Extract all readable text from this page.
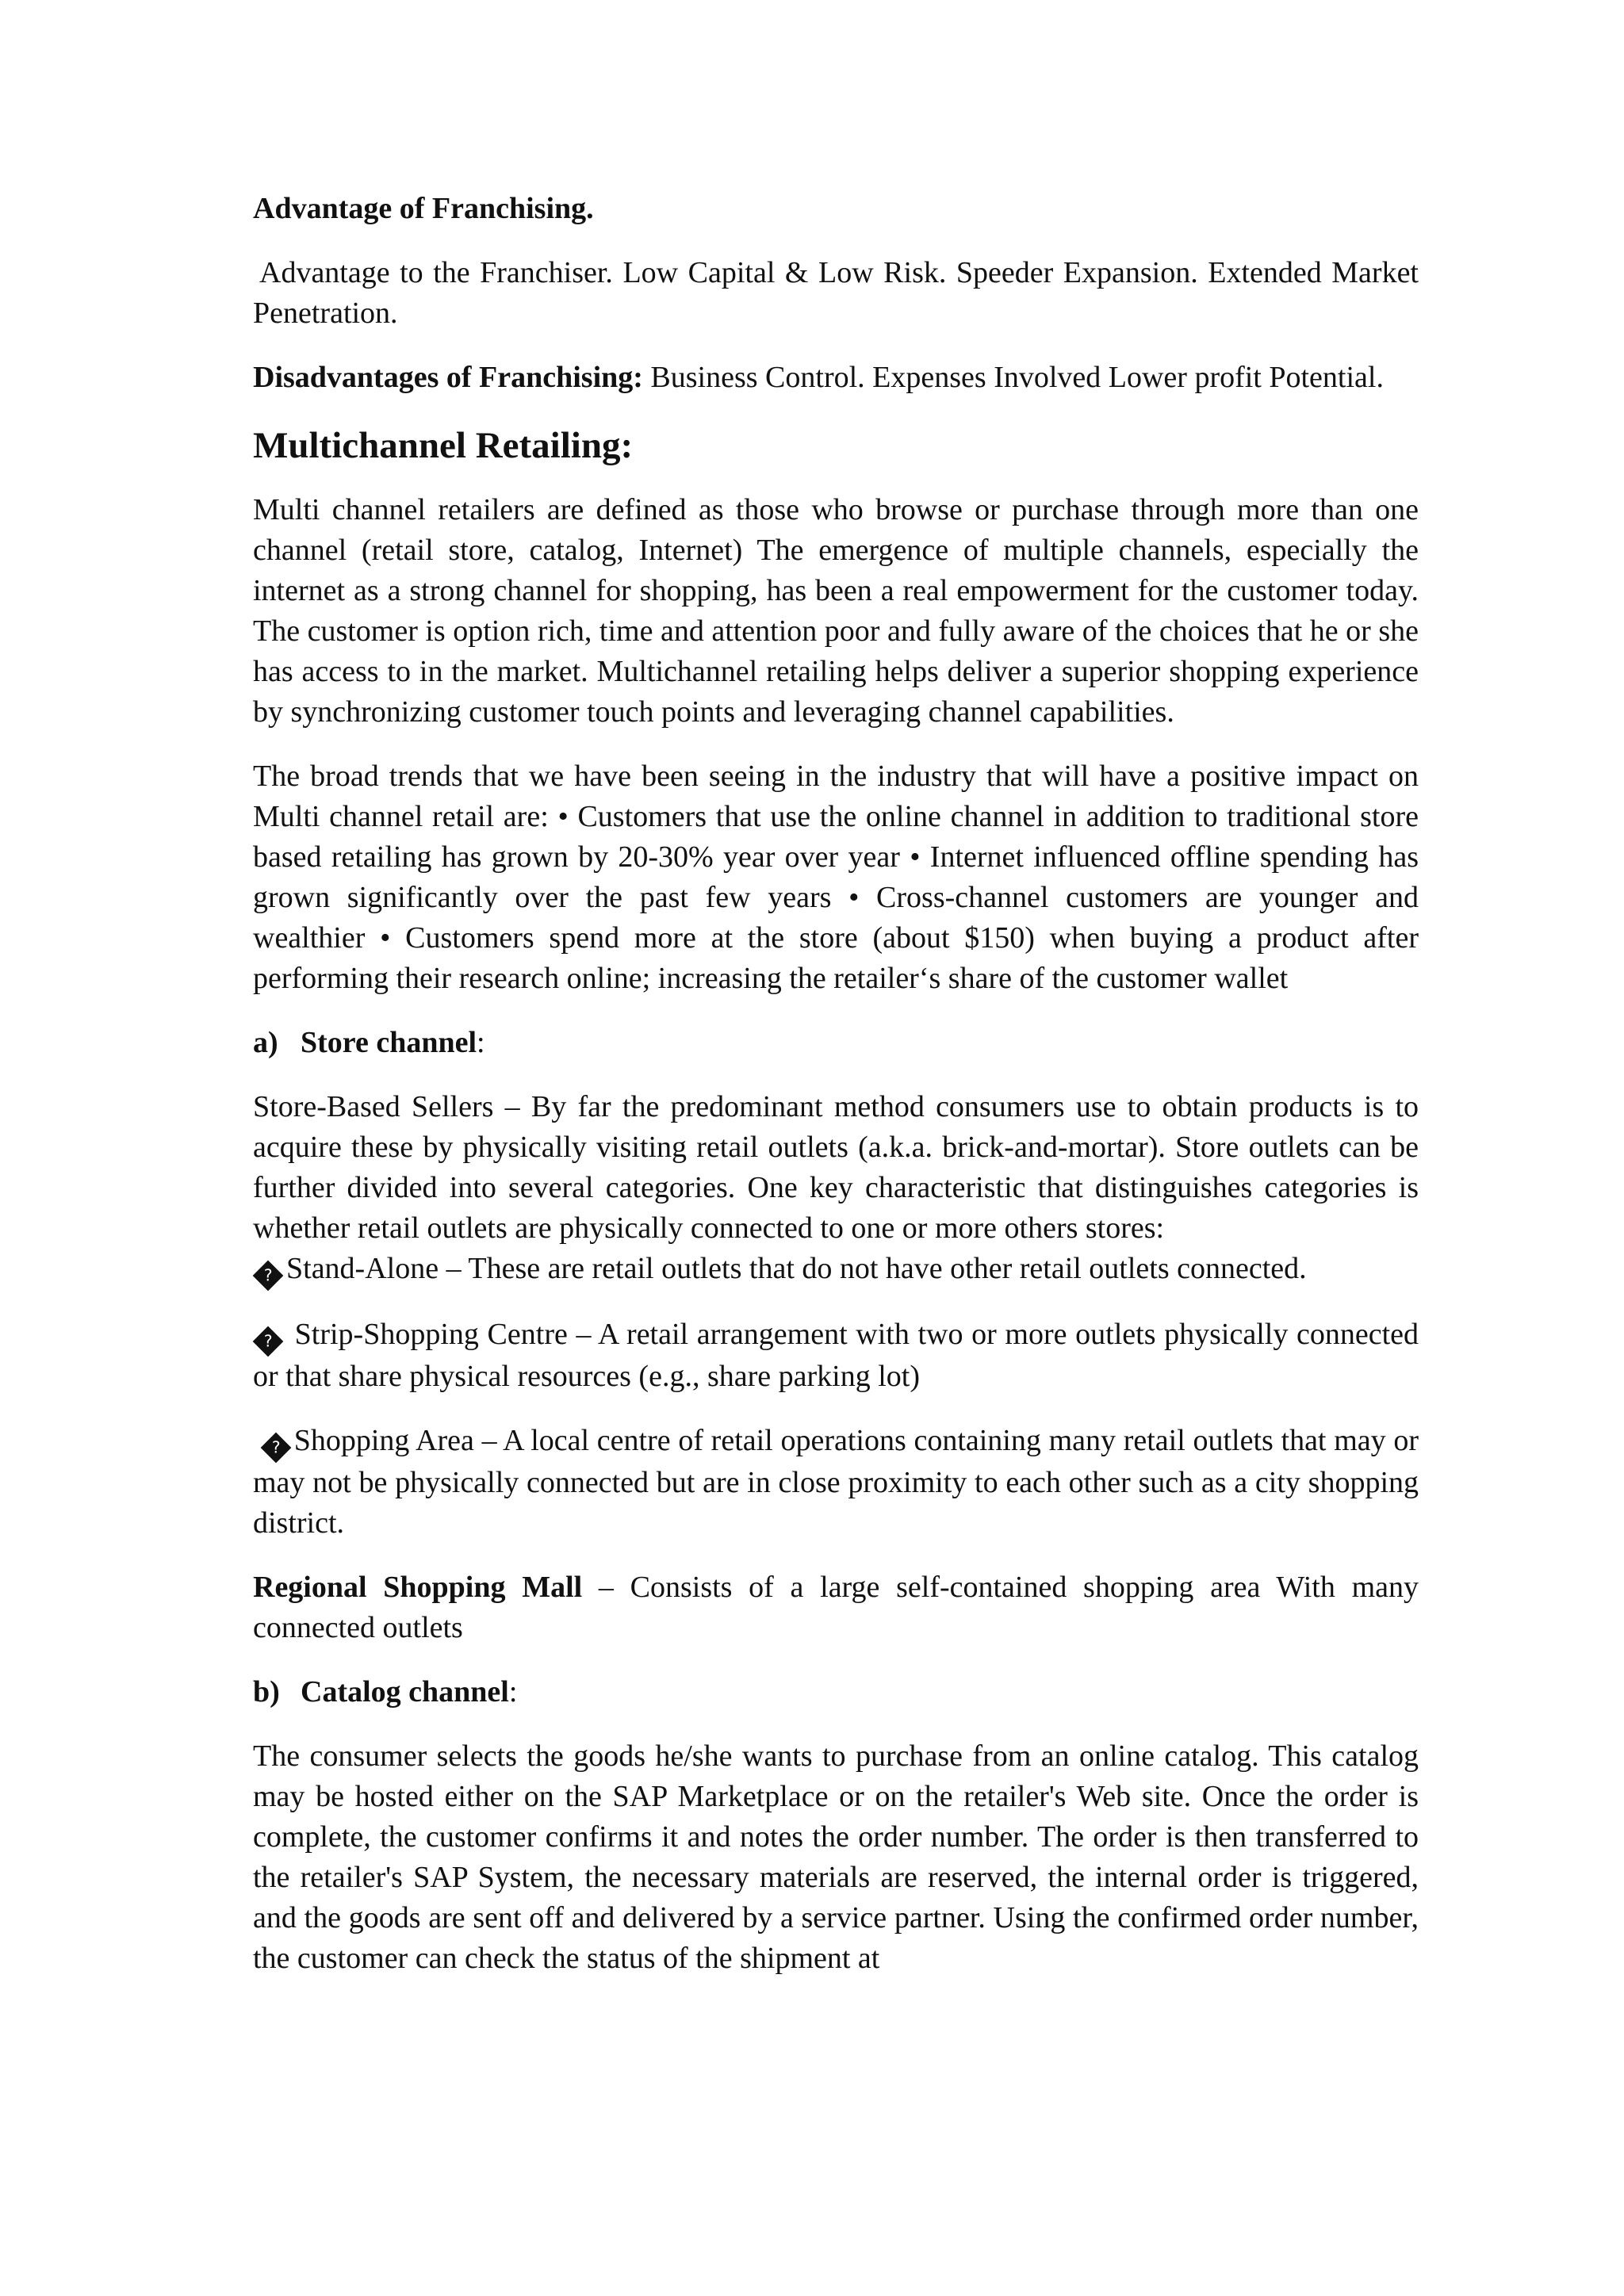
Advantage of Franchising.

Advantage to the Franchiser. Low Capital & Low Risk. Speeder Expansion. Extended Market Penetration.

Disadvantages of Franchising: Business Control. Expenses Involved Lower profit Potential.

Multichannel Retailing:

Multi channel retailers are defined as those who browse or purchase through more than one channel (retail store, catalog, Internet) The emergence of multiple channels, especially the internet as a strong channel for shopping, has been a real empowerment for the customer today. The customer is option rich, time and attention poor and fully aware of the choices that he or she has access to in the market. Multichannel retailing helps deliver a superior shopping experience by synchronizing customer touch points and leveraging channel capabilities.

The broad trends that we have been seeing in the industry that will have a positive impact on Multi channel retail are: • Customers that use the online channel in addition to traditional store based retailing has grown by 20-30% year over year • Internet influenced offline spending has grown significantly over the past few years • Cross-channel customers are younger and wealthier • Customers spend more at the store (about $150) when buying a product after performing their research online; increasing the retailer‘s share of the customer wallet

a) Store channel:

Store-Based Sellers – By far the predominant method consumers use to obtain products is to acquire these by physically visiting retail outlets (a.k.a. brick-and-mortar). Store outlets can be further divided into several categories. One key characteristic that distinguishes categories is whether retail outlets are physically connected to one or more others stores:
? Stand-Alone – These are retail outlets that do not have other retail outlets connected.

? Strip-Shopping Centre – A retail arrangement with two or more outlets physically connected or that share physical resources (e.g., share parking lot)

? Shopping Area – A local centre of retail operations containing many retail outlets that may or may not be physically connected but are in close proximity to each other such as a city shopping district.

Regional Shopping Mall – Consists of a large self-contained shopping area With many connected outlets

b) Catalog channel:

The consumer selects the goods he/she wants to purchase from an online catalog. This catalog may be hosted either on the SAP Marketplace or on the retailer's Web site. Once the order is complete, the customer confirms it and notes the order number. The order is then transferred to the retailer's SAP System, the necessary materials are reserved, the internal order is triggered, and the goods are sent off and delivered by a service partner. Using the confirmed order number, the customer can check the status of the shipment at
